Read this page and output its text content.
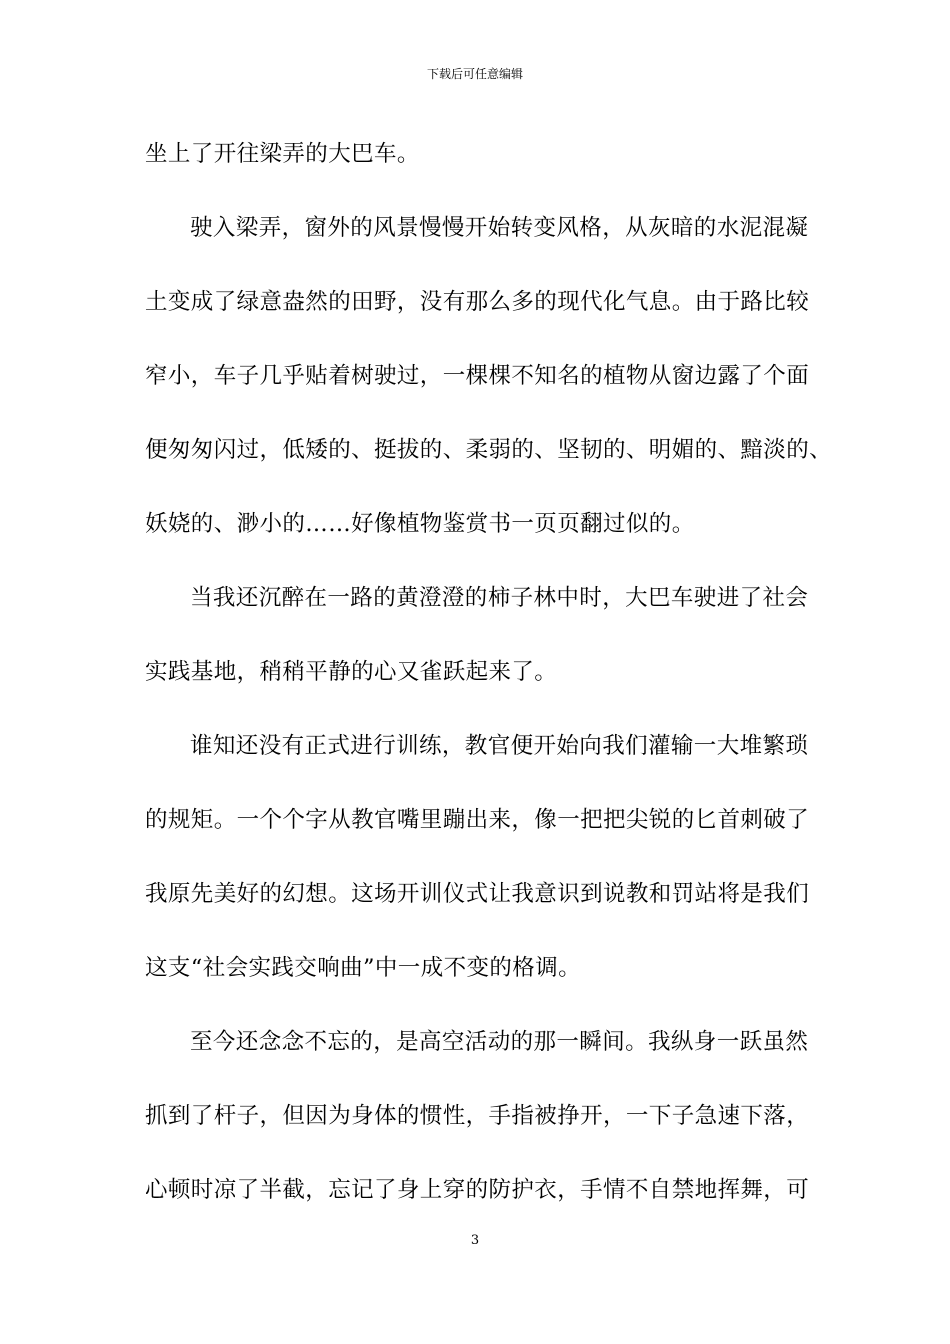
下载后可任意编辑
坐上了开往梁弄的大巴车。
驶入梁弄，窗外的风景慢慢开始转变风格，从灰暗的水泥混凝
土变成了绿意盎然的田野，没有那么多的现代化气息。由于路比较
窄小，车子几乎贴着树驶过，一棵棵不知名的植物从窗边露了个面
便匆匆闪过，低矮的、挺拔的、柔弱的、坚韧的、明媚的、黯淡的、
妖娆的、渺小的……好像植物鉴赏书一页页翻过似的。
当我还沉醉在一路的黄澄澄的柿子林中时，大巴车驶进了社会
实践基地，稍稍平静的心又雀跃起来了。
谁知还没有正式进行训练，教官便开始向我们灌输一大堆繁琐
的规矩。一个个字从教官嘴里蹦出来，像一把把尖锐的匕首刺破了
我原先美好的幻想。这场开训仪式让我意识到说教和罚站将是我们
这支“社会实践交响曲”中一成不变的格调。
至今还念念不忘的，是高空活动的那一瞬间。我纵身一跃虽然
抓到了杆子，但因为身体的惯性，手指被挣开，一下子急速下落，
心顿时凉了半截，忘记了身上穿的防护衣，手情不自禁地挥舞，可
3
